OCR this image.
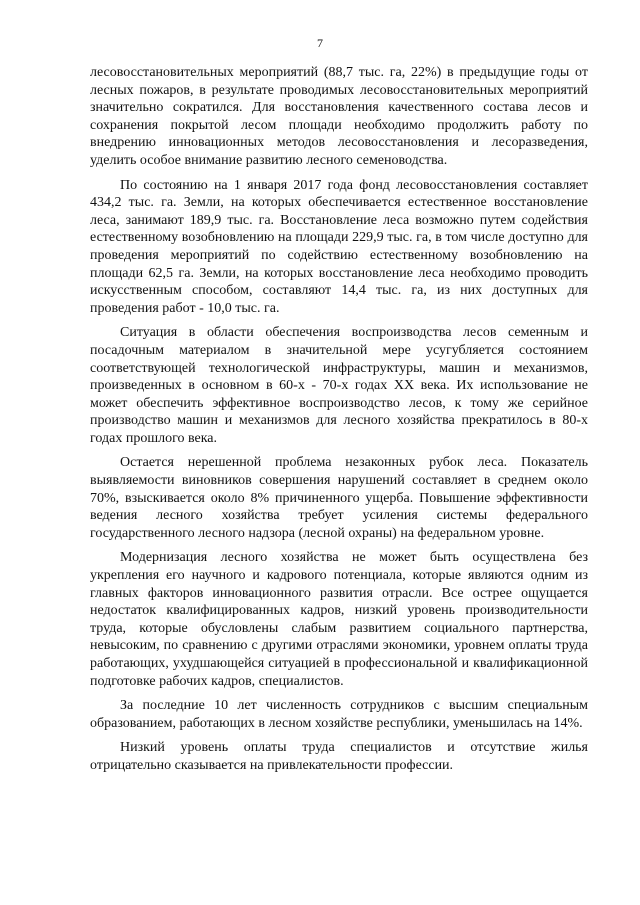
7

лесовосстановительных мероприятий (88,7 тыс. га, 22%) в предыдущие годы от лесных пожаров, в результате проводимых лесовосстановительных мероприятий значительно сократился. Для восстановления качественного состава лесов и сохранения покрытой лесом площади необходимо продолжить работу по внедрению инновационных методов лесовосстановления и лесоразведения, уделить особое внимание развитию лесного семеноводства.

По состоянию на 1 января 2017 года фонд лесовосстановления составляет 434,2 тыс. га. Земли, на которых обеспечивается естественное восстановление леса, занимают 189,9 тыс. га. Восстановление леса возможно путем содействия естественному возобновлению на площади 229,9 тыс. га, в том числе доступно для проведения мероприятий по содействию естественному возобновлению на площади 62,5 га. Земли, на которых восстановление леса необходимо проводить искусственным способом, составляют 14,4 тыс. га, из них доступных для проведения работ - 10,0 тыс. га.

Ситуация в области обеспечения воспроизводства лесов семенным и посадочным материалом в значительной мере усугубляется состоянием соответствующей технологической инфраструктуры, машин и механизмов, произведенных в основном в 60-х - 70-х годах XX века. Их использование не может обеспечить эффективное воспроизводство лесов, к тому же серийное производство машин и механизмов для лесного хозяйства прекратилось в 80-х годах прошлого века.

Остается нерешенной проблема незаконных рубок леса. Показатель выявляемости виновников совершения нарушений составляет в среднем около 70%, взыскивается около 8% причиненного ущерба. Повышение эффективности ведения лесного хозяйства требует усиления системы федерального государственного лесного надзора (лесной охраны) на федеральном уровне.

Модернизация лесного хозяйства не может быть осуществлена без укрепления его научного и кадрового потенциала, которые являются одним из главных факторов инновационного развития отрасли. Все острее ощущается недостаток квалифицированных кадров, низкий уровень производительности труда, которые обусловлены слабым развитием социального партнерства, невысоким, по сравнению с другими отраслями экономики, уровнем оплаты труда работающих, ухудшающейся ситуацией в профессиональной и квалификационной подготовке рабочих кадров, специалистов.

За последние 10 лет численность сотрудников с высшим специальным образованием, работающих в лесном хозяйстве республики, уменьшилась на 14%.

Низкий уровень оплаты труда специалистов и отсутствие жилья отрицательно сказывается на привлекательности профессии.
